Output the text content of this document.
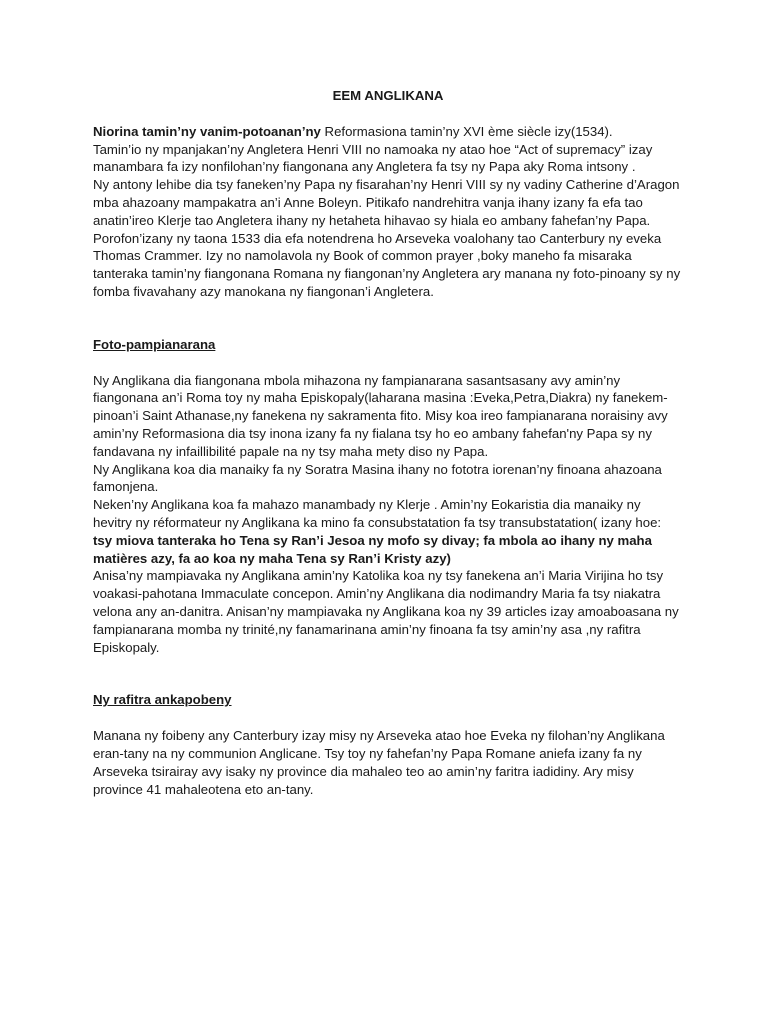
EEM ANGLIKANA

Niorina tamin’ny vanim-potoanan’ny Reformasiona tamin’ny XVI ème siècle izy(1534).

Tamin’io ny mpanjakan’ny Angletera Henri VIII no namoaka ny atao hoe “Act of supremacy” izay manambara fa izy nonfilohan’ny fiangonana any Angletera fa tsy ny Papa aky Roma intsony .

Ny antony lehibe dia tsy faneken’ny Papa ny fisarahan’ny Henri VIII sy ny vadiny Catherine d’Aragon mba ahazoany mampakatra an’i Anne Boleyn. Pitikafo nandrehitra vanja ihany izany fa efa tao anatin’ireo Klerje tao Angletera ihany ny hetaheta hihavao sy hiala eo ambany fahefan’ny Papa.

Porofon’izany ny taona 1533 dia efa notendrena ho Arseveka voalohany tao Canterbury ny eveka Thomas Crammer. Izy no namolavola ny Book of common prayer ,boky maneho fa misaraka tanteraka tamin’ny fiangonana Romana ny fiangonan’ny Angletera ary manana ny foto-pinoany sy ny fomba fivavahany azy manokana ny fiangonan’i Angletera.

Foto-pampianarana

Ny Anglikana dia fiangonana mbola mihazona ny fampianarana sasantsasany avy amin’ny fiangonana an’i Roma toy ny maha Episkopaly(laharana masina :Eveka,Petra,Diakra) ny fanekem-pinoan’i Saint Athanase,ny fanekena ny sakramenta fito. Misy koa ireo fampianarana noraisiny avy amin’ny Reformasiona dia tsy inona izany fa ny fialana tsy ho eo ambany fahefan'ny Papa sy ny fandavana ny infaillibilité papale na ny tsy maha mety diso ny Papa.

Ny Anglikana koa dia manaiky fa ny Soratra Masina ihany no fototra iorenan’ny finoana ahazoana famonjena.

Neken’ny Anglikana koa fa mahazo manambady ny Klerje . Amin’ny Eokaristia dia manaiky ny hevitry ny réformateur ny Anglikana ka mino fa consubstatation fa tsy transubstatation( izany hoe: tsy miova tanteraka ho Tena sy Ran’i Jesoa ny mofo sy divay; fa mbola ao ihany ny maha matières azy, fa ao koa ny maha Tena sy Ran’i Kristy azy)

Anisa’ny mampiavaka ny Anglikana amin’ny Katolika koa ny tsy fanekena an’i Maria Virijina ho tsy voakasi-pahotana Immaculate concepon. Amin’ny Anglikana dia nodimandry Maria fa tsy niakatra velona any an-danitra. Anisan’ny mampiavaka ny Anglikana koa ny 39 articles izay amoaboasana ny fampianarana momba ny trinité,ny fanamarinana amin’ny finoana fa tsy amin’ny asa ,ny rafitra Episkopaly.

Ny rafitra ankapobeny

Manana ny foibeny any Canterbury izay misy ny Arseveka atao hoe Eveka ny filohan’ny Anglikana eran-tany na ny communion Anglicane. Tsy toy ny fahefan’ny Papa Romane aniefa izany fa ny Arseveka tsirairay avy isaky ny province dia mahaleo teo ao amin’ny faritra iadidiny. Ary misy province 41 mahaleotena eto an-tany.
